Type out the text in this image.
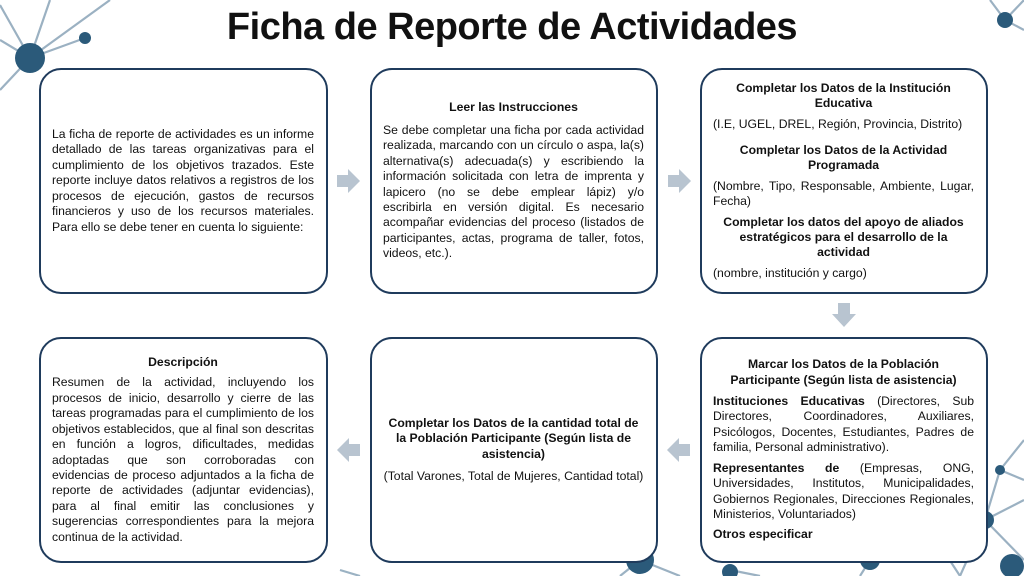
Ficha de Reporte de Actividades

La ficha de reporte de actividades es un informe detallado de las tareas organizativas para el cumplimiento de los objetivos trazados. Este reporte incluye datos relativos a registros de los procesos de ejecución, gastos de recursos financieros y uso de los recursos materiales. Para ello se debe tener en cuenta lo siguiente:

Leer las Instrucciones

Se debe completar una ficha por cada actividad realizada, marcando con un círculo o aspa, la(s) alternativa(s) adecuada(s) y escribiendo la información solicitada con letra de imprenta y lapicero (no se debe emplear lápiz) y/o escribirla en versión digital. Es necesario acompañar evidencias del proceso (listados de participantes, actas, programa de taller, fotos, videos, etc.).

Completar los Datos de la Institución Educativa

(I.E, UGEL, DREL, Región, Provincia, Distrito)

Completar los Datos de la Actividad Programada

(Nombre, Tipo, Responsable, Ambiente, Lugar, Fecha)

Completar los datos del apoyo de aliados estratégicos para el desarrollo de la actividad

(nombre, institución y cargo)

Descripción

Resumen de la actividad, incluyendo los procesos de inicio, desarrollo y cierre de las tareas programadas para el cumplimiento de los objetivos establecidos, que al final son descritas en función a logros, dificultades, medidas adoptadas que son corroboradas con evidencias de proceso adjuntados a la ficha de reporte de actividades (adjuntar evidencias), para al final emitir las conclusiones y sugerencias correspondientes para la mejora continua de la actividad.

Completar los Datos de la cantidad total de la Población Participante (Según lista de asistencia)

(Total Varones, Total de Mujeres, Cantidad total)

Marcar los Datos de la Población Participante (Según lista de asistencia)

Instituciones Educativas (Directores, Sub Directores, Coordinadores, Auxiliares, Psicólogos, Docentes, Estudiantes, Padres de familia, Personal administrativo).

Representantes de (Empresas, ONG, Universidades, Institutos, Municipalidades, Gobiernos Regionales, Direcciones Regionales, Ministerios, Voluntariados)

Otros especificar
